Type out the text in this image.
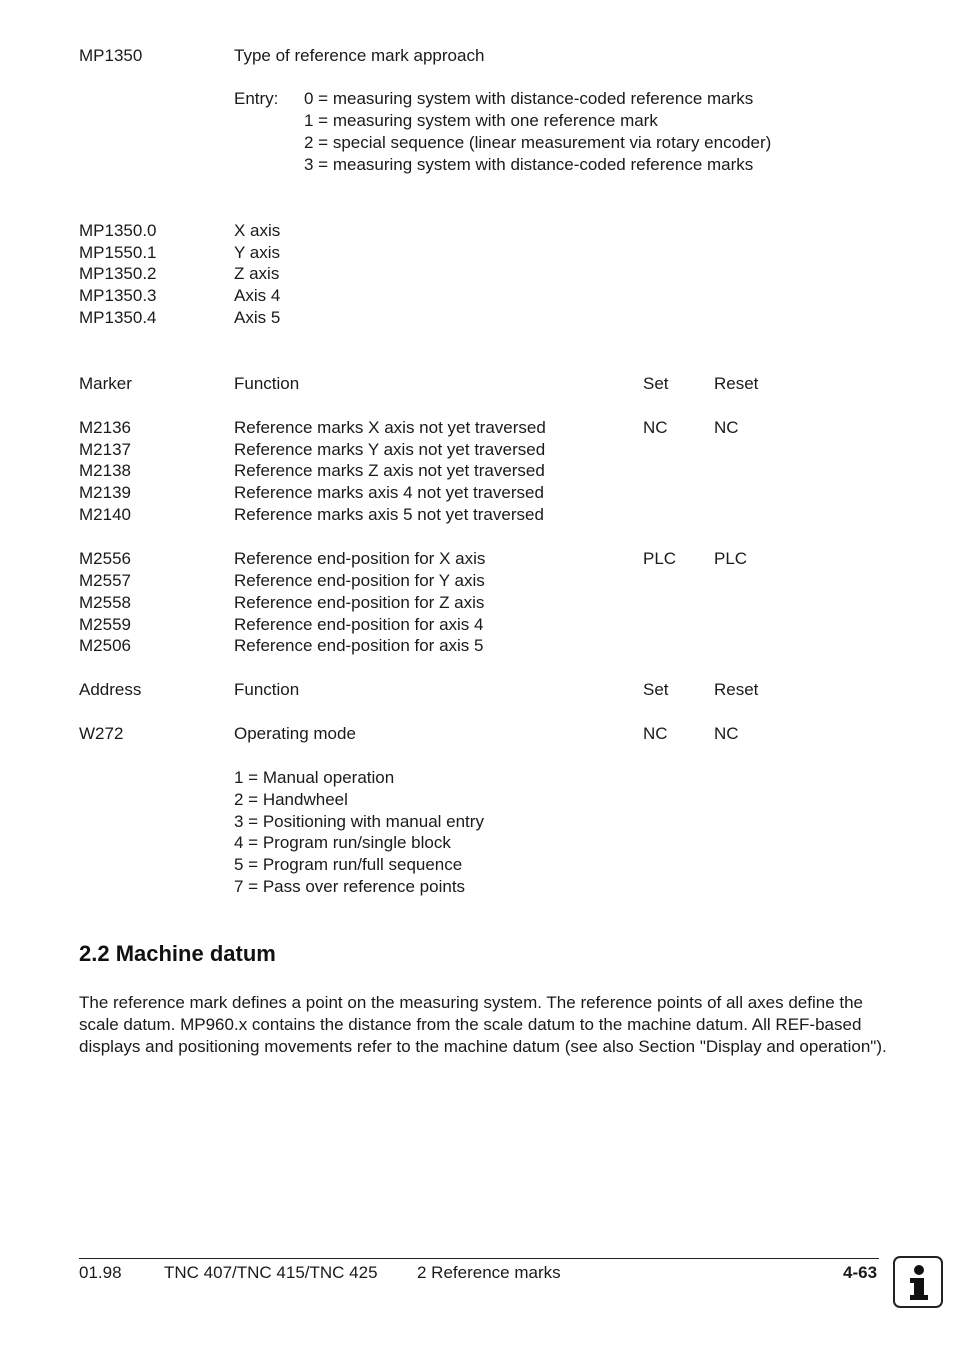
MP1350	Type of reference mark approach
Entry: 0 = measuring system with distance-coded reference marks
1 = measuring system with one reference mark
2 = special sequence (linear measurement via rotary encoder)
3 = measuring system with distance-coded reference marks
MP1350.0	X axis
MP1550.1	Y axis
MP1350.2	Z axis
MP1350.3	Axis 4
MP1350.4	Axis 5
Marker	Function	Set	Reset
M2136	Reference marks X axis not yet traversed	NC	NC
M2137	Reference marks Y axis not yet traversed
M2138	Reference marks Z axis not yet traversed
M2139	Reference marks axis 4 not yet traversed
M2140	Reference marks axis 5 not yet traversed
M2556	Reference end-position for X axis	PLC PLC
M2557	Reference end-position for Y axis
M2558	Reference end-position for Z axis
M2559	Reference end-position for axis 4
M2506	Reference end-position for axis 5
Address	Function	Set	Reset
W272	Operating mode	NC	NC
1 = Manual operation
2 = Handwheel
3 = Positioning with manual entry
4 = Program run/single block
5 = Program run/full sequence
7 = Pass over reference points
2.2 Machine datum

The reference mark defines a point on the measuring system. The reference points of all axes define the scale datum. MP960.x contains the distance from the scale datum to the machine datum. All REF-based displays and positioning movements refer to the machine datum (see also Section "Display and operation").

01.98 TNC 407/TNC 415/TNC 425 2 Reference marks	4-63
